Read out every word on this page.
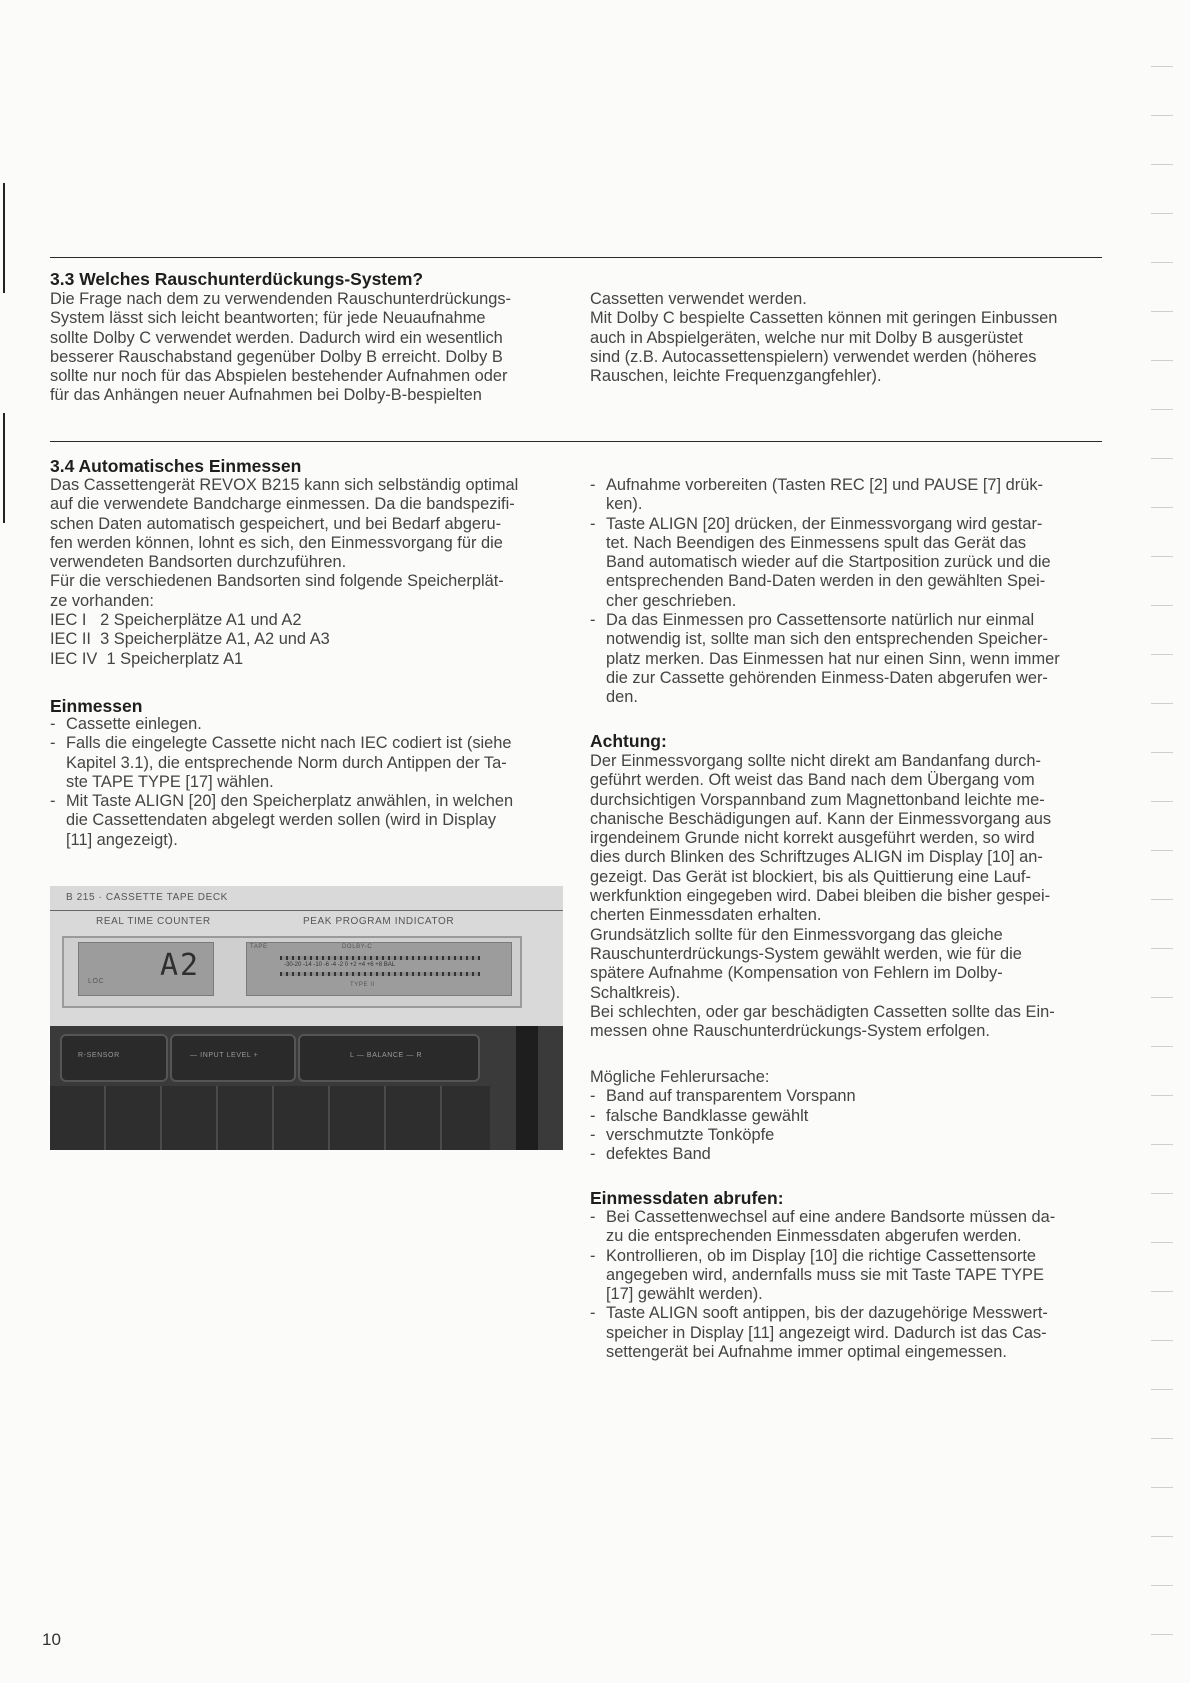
3.3 Welches Rauschunterdückungs-System?

Die Frage nach dem zu verwendenden Rauschunterdrückungs-
System lässt sich leicht beantworten; für jede Neuaufnahme
sollte Dolby C verwendet werden. Dadurch wird ein wesentlich
besserer Rauschabstand gegenüber Dolby B erreicht. Dolby B
sollte nur noch für das Abspielen bestehender Aufnahmen oder
für das Anhängen neuer Aufnahmen bei Dolby-B-bespielten

Cassetten verwendet werden.
Mit Dolby C bespielte Cassetten können mit geringen Einbussen
auch in Abspielgeräten, welche nur mit Dolby B ausgerüstet
sind (z.B. Autocassettenspielern) verwendet werden (höheres
Rauschen, leichte Frequenzgangfehler).

3.4 Automatisches Einmessen

Das Cassettengerät REVOX B215 kann sich selbständig optimal
auf die verwendete Bandcharge einmessen. Da die bandspezifi-
schen Daten automatisch gespeichert, und bei Bedarf abgeru-
fen werden können, lohnt es sich, den Einmessvorgang für die
verwendeten Bandsorten durchzuführen.
Für die verschiedenen Bandsorten sind folgende Speicherplät-
ze vorhanden:

IEC I   2 Speicherplätze A1 und A2
IEC II  3 Speicherplätze A1, A2 und A3
IEC IV  1 Speicherplatz A1
Einmessen
- Cassette einlegen.
- Falls die eingelegte Cassette nicht nach IEC codiert ist (siehe
Kapitel 3.1), die entsprechende Norm durch Antippen der Ta-
ste TAPE TYPE [17] wählen.
- Mit Taste ALIGN [20] den Speicherplatz anwählen, in welchen
die Cassettendaten abgelegt werden sollen (wird in Display
[11] angezeigt).
B 215 · CASSETTE TAPE DECK
REAL TIME COUNTER	PEAK PROGRAM INDICATOR
A2
LOC
TAPE	DOLBY-C
-30-20 -14 -10 -6 -4 -2 0 +2 +4 +6 +8 BAL
TYPE II
R-SENSOR	— INPUT LEVEL +	L — BALANCE — R
- Aufnahme vorbereiten (Tasten REC [2] und PAUSE [7] drük-
ken).
- Taste ALIGN [20] drücken, der Einmessvorgang wird gestar-
tet. Nach Beendigen des Einmessens spult das Gerät das
Band automatisch wieder auf die Startposition zurück und die
entsprechenden Band-Daten werden in den gewählten Spei-
cher geschrieben.
- Da das Einmessen pro Cassettensorte natürlich nur einmal
notwendig ist, sollte man sich den entsprechenden Speicher-
platz merken. Das Einmessen hat nur einen Sinn, wenn immer
die zur Cassette gehörenden Einmess-Daten abgerufen wer-
den.
Achtung:

Der Einmessvorgang sollte nicht direkt am Bandanfang durch-
geführt werden. Oft weist das Band nach dem Übergang vom
durchsichtigen Vorspannband zum Magnettonband leichte me-
chanische Beschädigungen auf. Kann der Einmessvorgang aus
irgendeinem Grunde nicht korrekt ausgeführt werden, so wird
dies durch Blinken des Schriftzuges ALIGN im Display [10] an-
gezeigt. Das Gerät ist blockiert, bis als Quittierung eine Lauf-
werkfunktion eingegeben wird. Dabei bleiben die bisher gespei-
cherten Einmessdaten erhalten.
Grundsätzlich sollte für den Einmessvorgang das gleiche
Rauschunterdrückungs-System gewählt werden, wie für die
spätere Aufnahme (Kompensation von Fehlern im Dolby-
Schaltkreis).
Bei schlechten, oder gar beschädigten Cassetten sollte das Ein-
messen ohne Rauschunterdrückungs-System erfolgen.

Mögliche Fehlerursache:
- Band auf transparentem Vorspann
- falsche Bandklasse gewählt
- verschmutzte Tonköpfe
- defektes Band
Einmessdaten abrufen:
- Bei Cassettenwechsel auf eine andere Bandsorte müssen da-
zu die entsprechenden Einmessdaten abgerufen werden.
- Kontrollieren, ob im Display [10] die richtige Cassettensorte
angegeben wird, andernfalls muss sie mit Taste TAPE TYPE
[17] gewählt werden).
- Taste ALIGN sooft antippen, bis der dazugehörige Messwert-
speicher in Display [11] angezeigt wird. Dadurch ist das Cas-
settengerät bei Aufnahme immer optimal eingemessen.
10
